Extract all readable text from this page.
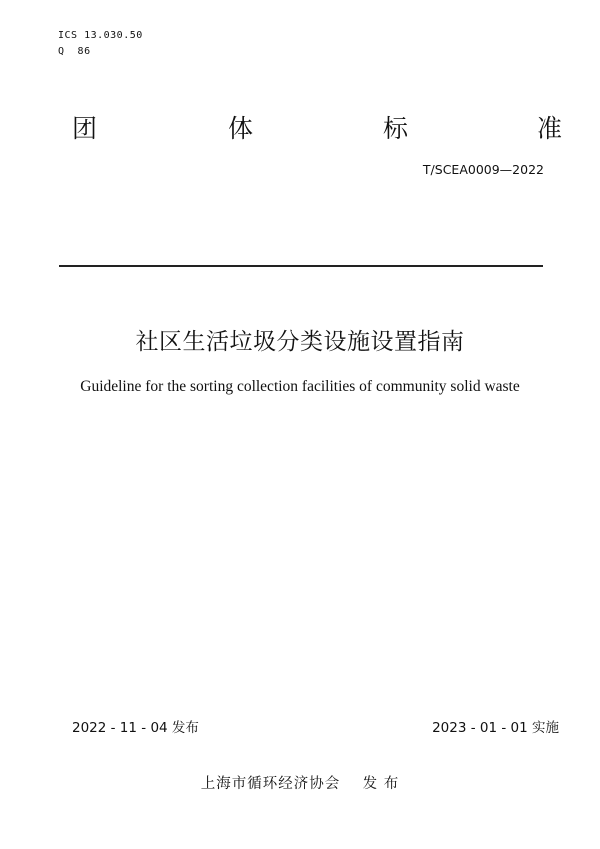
ICS 13.030.50
Q  86
团	体	标	准
T/SCEA0009—2022
社区生活垃圾分类设施设置指南
Guideline for the sorting collection facilities of community solid waste
2022 - 11 - 04 发布	2023 - 01 - 01 实施
上海市循环经济协会    发 布
